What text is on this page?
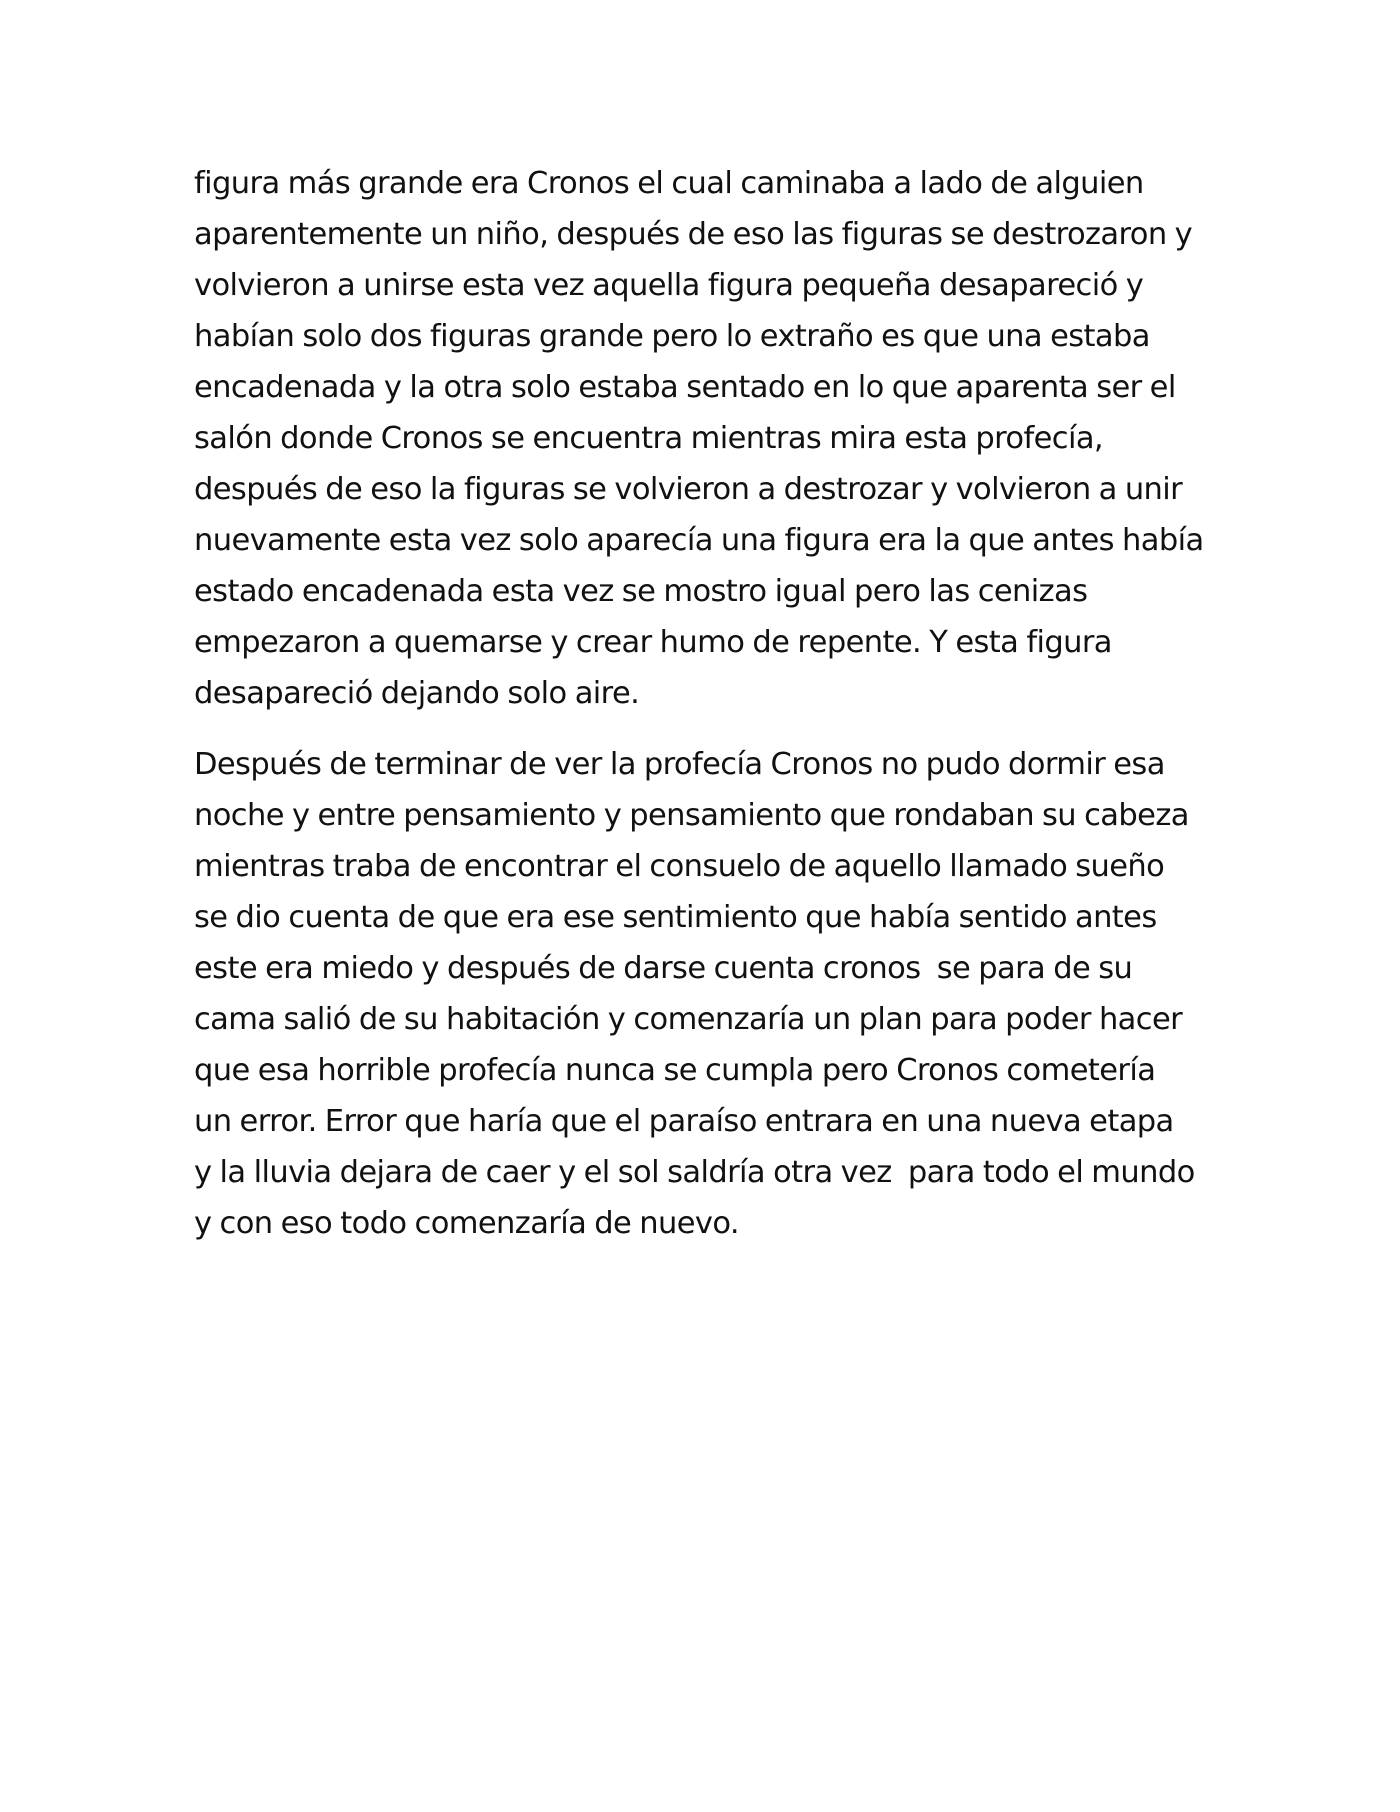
figura más grande era Cronos el cual caminaba a lado de alguien
aparentemente un niño, después de eso las figuras se destrozaron y
volvieron a unirse esta vez aquella figura pequeña desapareció y
habían solo dos figuras grande pero lo extraño es que una estaba
encadenada y la otra solo estaba sentado en lo que aparenta ser el
salón donde Cronos se encuentra mientras mira esta profecía,
después de eso la figuras se volvieron a destrozar y volvieron a unir
nuevamente esta vez solo aparecía una figura era la que antes había
estado encadenada esta vez se mostro igual pero las cenizas
empezaron a quemarse y crear humo de repente. Y esta figura
desapareció dejando solo aire.

Después de terminar de ver la profecía Cronos no pudo dormir esa
noche y entre pensamiento y pensamiento que rondaban su cabeza
mientras traba de encontrar el consuelo de aquello llamado sueño
se dio cuenta de que era ese sentimiento que había sentido antes
este era miedo y después de darse cuenta cronos  se para de su
cama salió de su habitación y comenzaría un plan para poder hacer
que esa horrible profecía nunca se cumpla pero Cronos cometería
un error. Error que haría que el paraíso entrara en una nueva etapa
y la lluvia dejara de caer y el sol saldría otra vez  para todo el mundo
y con eso todo comenzaría de nuevo.
